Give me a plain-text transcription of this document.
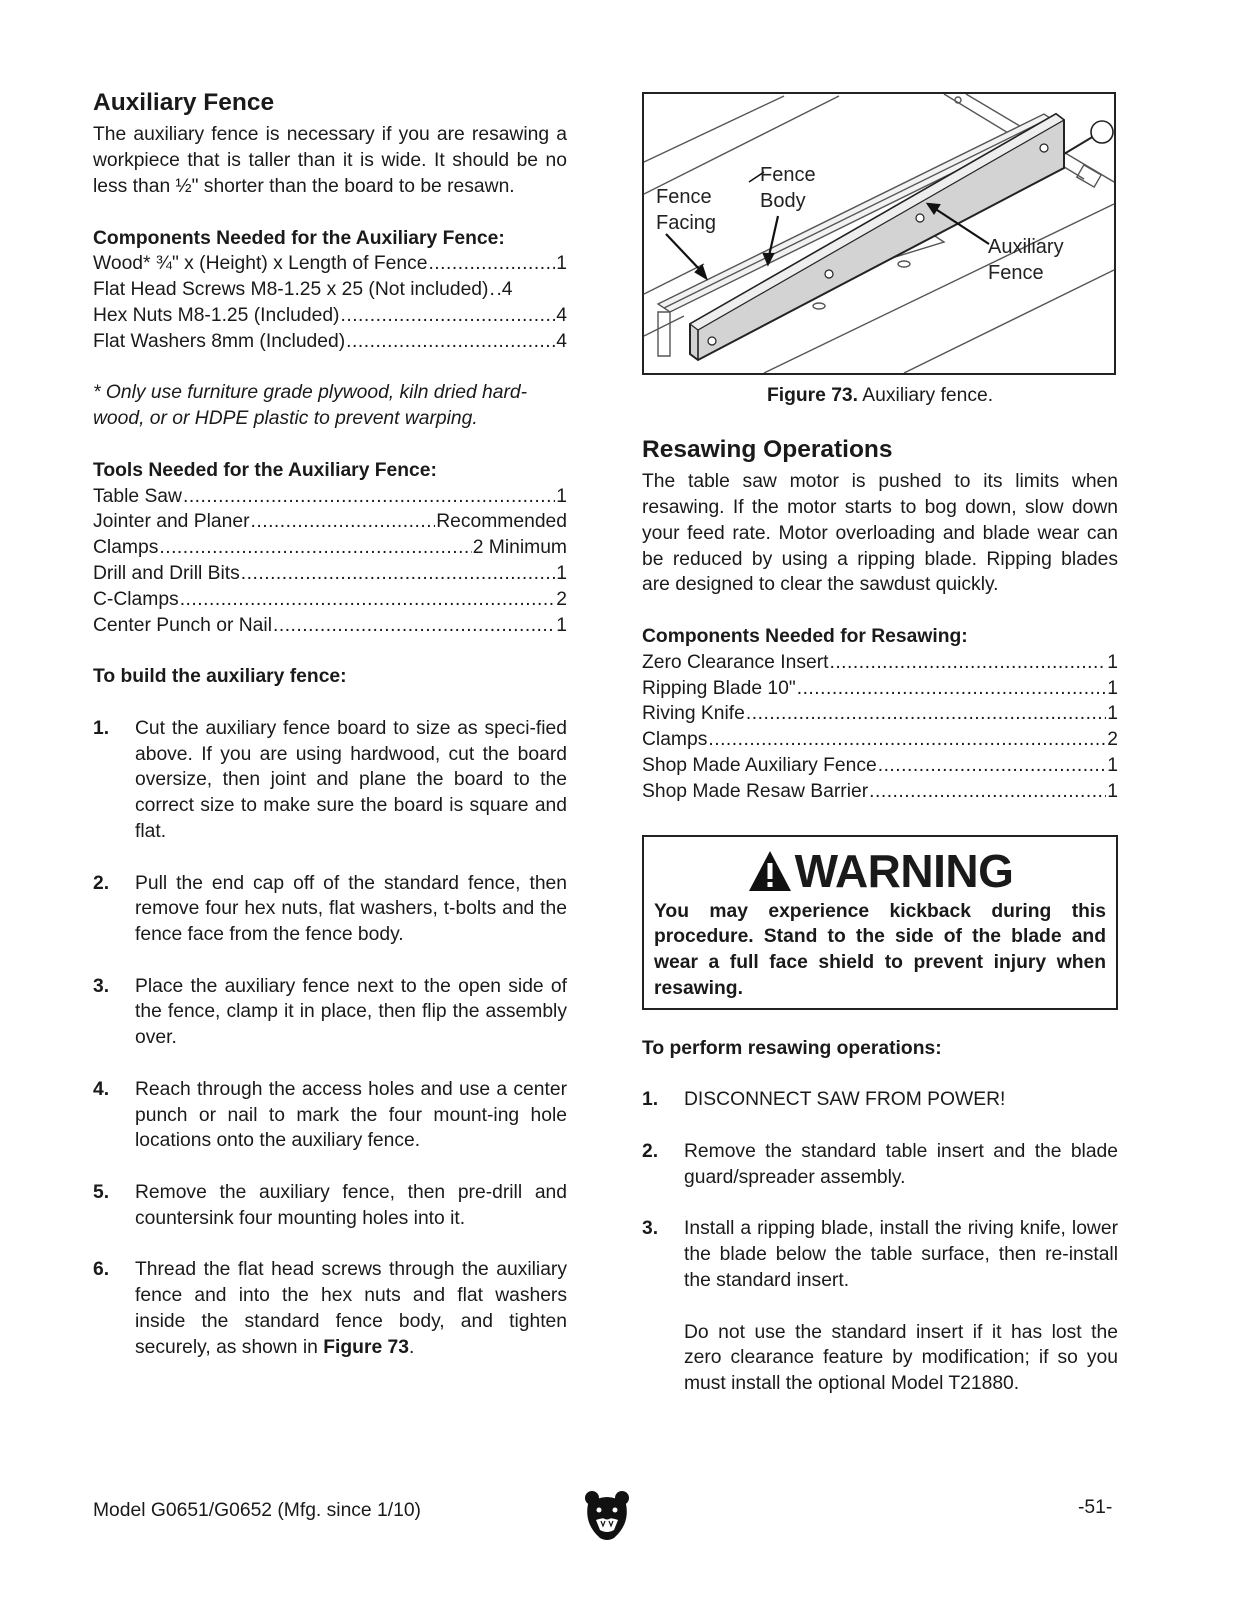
Auxiliary Fence

The auxiliary fence is necessary if you are resawing a workpiece that is taller than it is wide. It should be no less than ½" shorter than the board to be resawn.

Components Needed for the Auxiliary Fence:
Wood* ¾" x (Height) x Length of Fence .....	1
Flat Head Screws M8-1.25 x 25 (Not included) ..... .4
Hex Nuts M8-1.25 (Included) .....	4
Flat Washers 8mm (Included) .....	4

* Only use furniture grade plywood, kiln dried hard-wood, or or HDPE plastic to prevent warping.

Tools Needed for the Auxiliary Fence:
Table Saw .....	1
Jointer and Planer .....	Recommended
Clamps .....	2 Minimum
Drill and Drill Bits .....	1
C-Clamps .....	2
Center Punch or Nail .....	1
To build the auxiliary fence:
1.	Cut the auxiliary fence board to size as speci-fied above. If you are using hardwood, cut the board oversize, then joint and plane the board to the correct size to make sure the board is square and flat.
2.	Pull the end cap off of the standard fence, then remove four hex nuts, flat washers, t-bolts and the fence face from the fence body.
3.	Place the auxiliary fence next to the open side of the fence, clamp it in place, then flip the assembly over.
4.	Reach through the access holes and use a center punch or nail to mark the four mount-ing hole locations onto the auxiliary fence.
5.	Remove the auxiliary fence, then pre-drill and countersink four mounting holes into it.
6.	Thread the flat head screws through the auxiliary fence and into the hex nuts and flat washers inside the standard fence body, and tighten securely, as shown in Figure 73.
Fence
Facing
Fence
Body
Auxiliary
Fence
Figure 73. Auxiliary fence.
Resawing Operations

The table saw motor is pushed to its limits when resawing. If the motor starts to bog down, slow down your feed rate. Motor overloading and blade wear can be reduced by using a ripping blade. Ripping blades are designed to clear the sawdust quickly.

Components Needed for Resawing:
Zero Clearance Insert .....	1
Ripping Blade 10" .....	1
Riving Knife .....	1
Clamps .....	2
Shop Made Auxiliary Fence .....	1
Shop Made Resaw Barrier .....	1
WARNING
You may experience kickback during this procedure. Stand to the side of the blade and wear a full face shield to prevent injury when resawing.
To perform resawing operations:
1.	DISCONNECT SAW FROM POWER!
2.	Remove the standard table insert and the blade guard/spreader assembly.
3.	Install a ripping blade, install the riving knife, lower the blade below the table surface, then re-install the standard insert.
Do not use the standard insert if it has lost the zero clearance feature by modification; if so you must install the optional Model T21880.
Model G0651/G0652 (Mfg. since 1/10)	-51-
